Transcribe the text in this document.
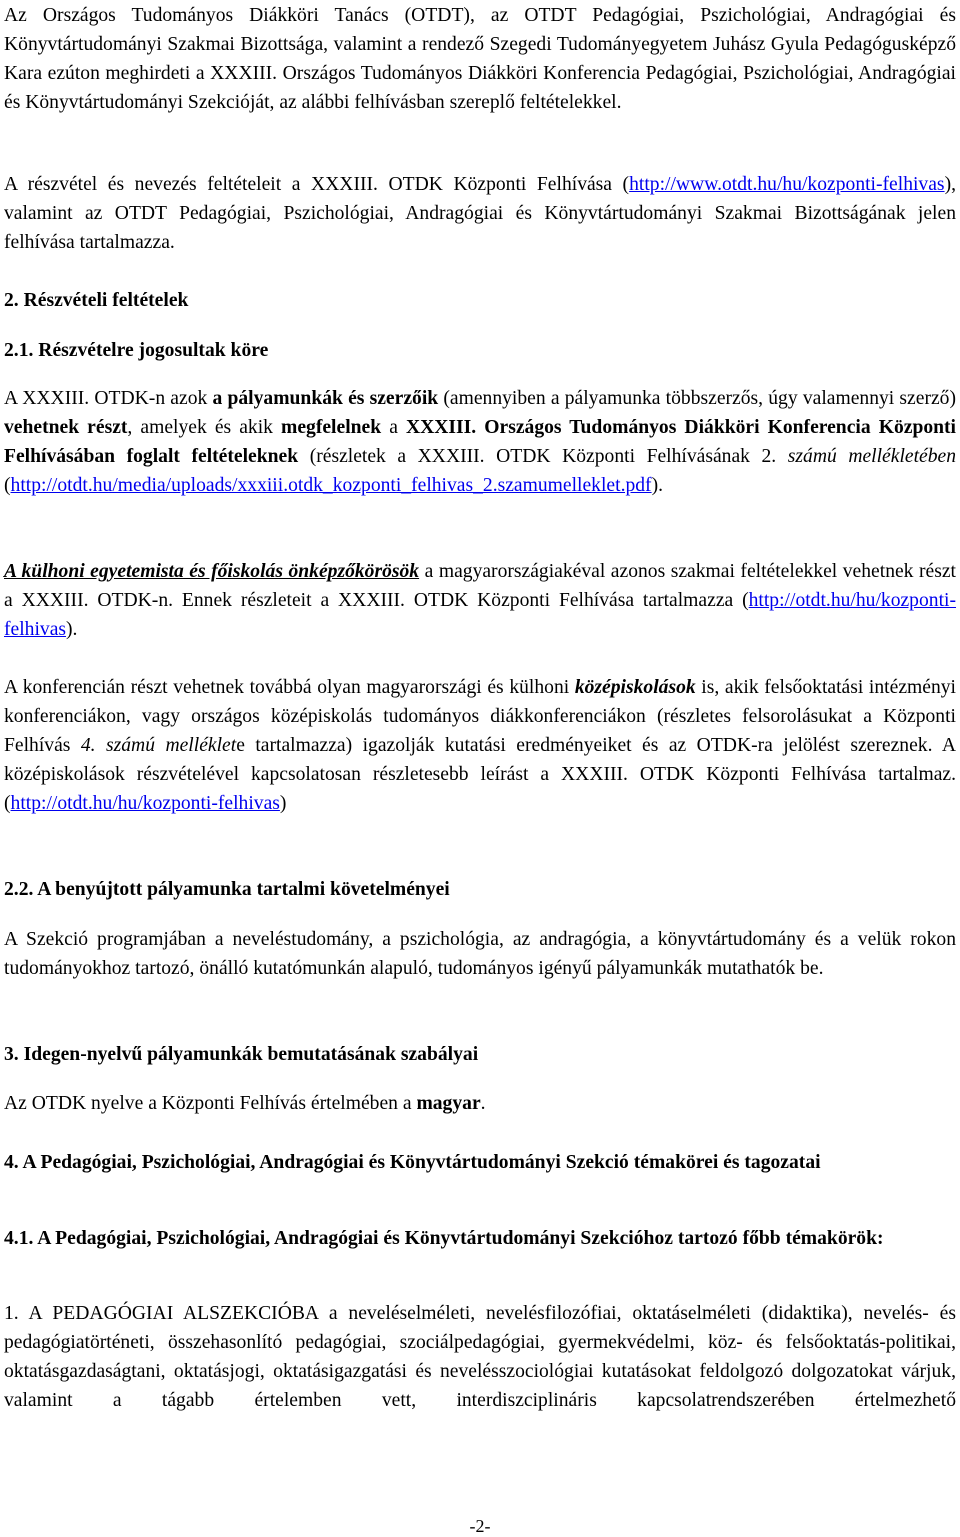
Az Országos Tudományos Diákköri Tanács (OTDT), az OTDT Pedagógiai, Pszichológiai, Andragógiai és Könyvtártudományi Szakmai Bizottsága, valamint a rendező Szegedi Tudományegyetem Juhász Gyula Pedagógusképző Kara ezúton meghirdeti a XXXIII. Országos Tudományos Diákköri Konferencia Pedagógiai, Pszichológiai, Andragógiai és Könyvtártudományi Szekcióját, az alábbi felhívásban szereplő feltételekkel.

A részvétel és nevezés feltételeit a XXXIII. OTDK Központi Felhívása (http://www.otdt.hu/hu/kozponti-felhivas), valamint az OTDT Pedagógiai, Pszichológiai, Andragógiai és Könyvtártudományi Szakmai Bizottságának jelen felhívása tartalmazza.

2. Részvételi feltételek
2.1. Részvételre jogosultak köre

A XXXIII. OTDK-n azok a pályamunkák és szerzőik (amennyiben a pályamunka többszerzős, úgy valamennyi szerző) vehetnek részt, amelyek és akik megfelelnek a XXXIII. Országos Tudományos Diákköri Konferencia Központi Felhívásában foglalt feltételeknek (részletek a XXXIII. OTDK Központi Felhívásának 2. számú mellékletében (http://otdt.hu/media/uploads/xxxiii.otdk_kozponti_felhivas_2.szamumelleklet.pdf).

A külhoni egyetemista és főiskolás önképzőkörösök a magyarországiakéval azonos szakmai feltételekkel vehetnek részt a XXXIII. OTDK-n. Ennek részleteit a XXXIII. OTDK Központi Felhívása tartalmazza (http://otdt.hu/hu/kozponti-felhivas).

A konferencián részt vehetnek továbbá olyan magyarországi és külhoni középiskolások is, akik felsőoktatási intézményi konferenciákon, vagy országos középiskolás tudományos diákkonferenciákon (részletes felsorolásukat a Központi Felhívás 4. számú melléklete tartalmazza) igazolják kutatási eredményeiket és az OTDK-ra jelölést szereznek. A középiskolások részvételével kapcsolatosan részletesebb leírást a XXXIII. OTDK Központi Felhívása tartalmaz. (http://otdt.hu/hu/kozponti-felhivas)

2.2. A benyújtott pályamunka tartalmi követelményei

A Szekció programjában a neveléstudomány, a pszichológia, az andragógia, a könyvtártudomány és a velük rokon tudományokhoz tartozó, önálló kutatómunkán alapuló, tudományos igényű pályamunkák mutathatók be.

3. Idegen-nyelvű pályamunkák bemutatásának szabályai

Az OTDK nyelve a Központi Felhívás értelmében a magyar.

4. A Pedagógiai, Pszichológiai, Andragógiai és Könyvtártudományi Szekció témakörei és tagozatai
4.1. A Pedagógiai, Pszichológiai, Andragógiai és Könyvtártudományi Szekcióhoz tartozó főbb témakörök:

1. A PEDAGÓGIAI ALSZEKCIÓBA a neveléselméleti, nevelésfilozófiai, oktatáselméleti (didaktika), nevelés- és pedagógiatörténeti, összehasonlító pedagógiai, szociálpedagógiai, gyermekvédelmi, köz- és felsőoktatás-politikai, oktatásgazdaságtani, oktatásjogi, oktatásigazgatási és nevelésszociológiai kutatásokat feldolgozó dolgozatokat várjuk, valamint a tágabb értelemben vett, interdiszciplináris kapcsolatrendszerében értelmezhető

-2-
